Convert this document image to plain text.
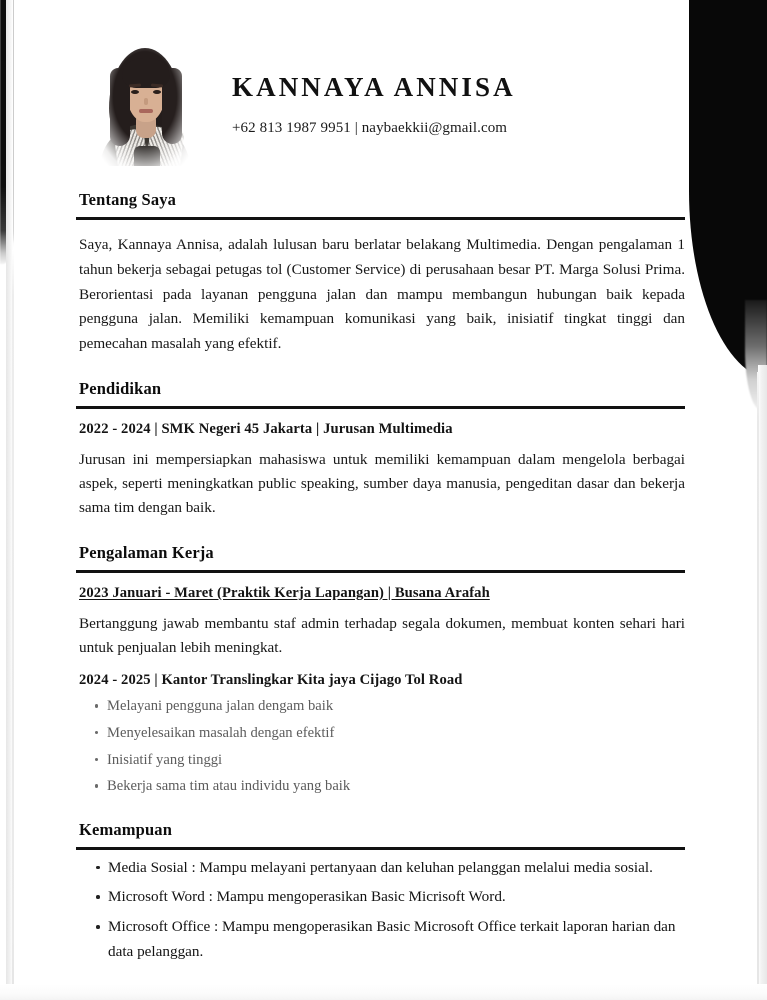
KANNAYA ANNISA
+62 813 1987 9951 | naybaekkii@gmail.com
Tentang Saya
Saya, Kannaya Annisa, adalah lulusan baru berlatar belakang Multimedia. Dengan pengalaman 1 tahun bekerja sebagai petugas tol (Customer Service) di perusahaan besar PT. Marga Solusi Prima. Berorientasi pada layanan pengguna jalan dan mampu membangun hubungan baik kepada pengguna jalan. Memiliki kemampuan komunikasi yang baik, inisiatif tingkat tinggi dan pemecahan masalah yang efektif.
Pendidikan
2022 - 2024 | SMK Negeri 45 Jakarta | Jurusan Multimedia
Jurusan ini mempersiapkan mahasiswa untuk memiliki kemampuan dalam mengelola berbagai aspek, seperti meningkatkan public speaking, sumber daya manusia, pengeditan dasar dan bekerja sama tim dengan baik.
Pengalaman Kerja
2023 Januari - Maret (Praktik Kerja Lapangan) | Busana Arafah
Bertanggung jawab membantu staf admin terhadap segala dokumen, membuat konten sehari hari untuk penjualan lebih meningkat.
2024 - 2025 | Kantor Translingkar Kita jaya Cijago Tol Road
Melayani pengguna jalan dengam baik
Menyelesaikan masalah dengan efektif
Inisiatif yang tinggi
Bekerja sama tim atau individu yang baik
Kemampuan
Media Sosial : Mampu melayani pertanyaan dan keluhan pelanggan melalui media sosial.
Microsoft Word : Mampu mengoperasikan Basic Micrisoft Word.
Microsoft Office : Mampu mengoperasikan Basic Microsoft Office terkait laporan harian dan data pelanggan.
